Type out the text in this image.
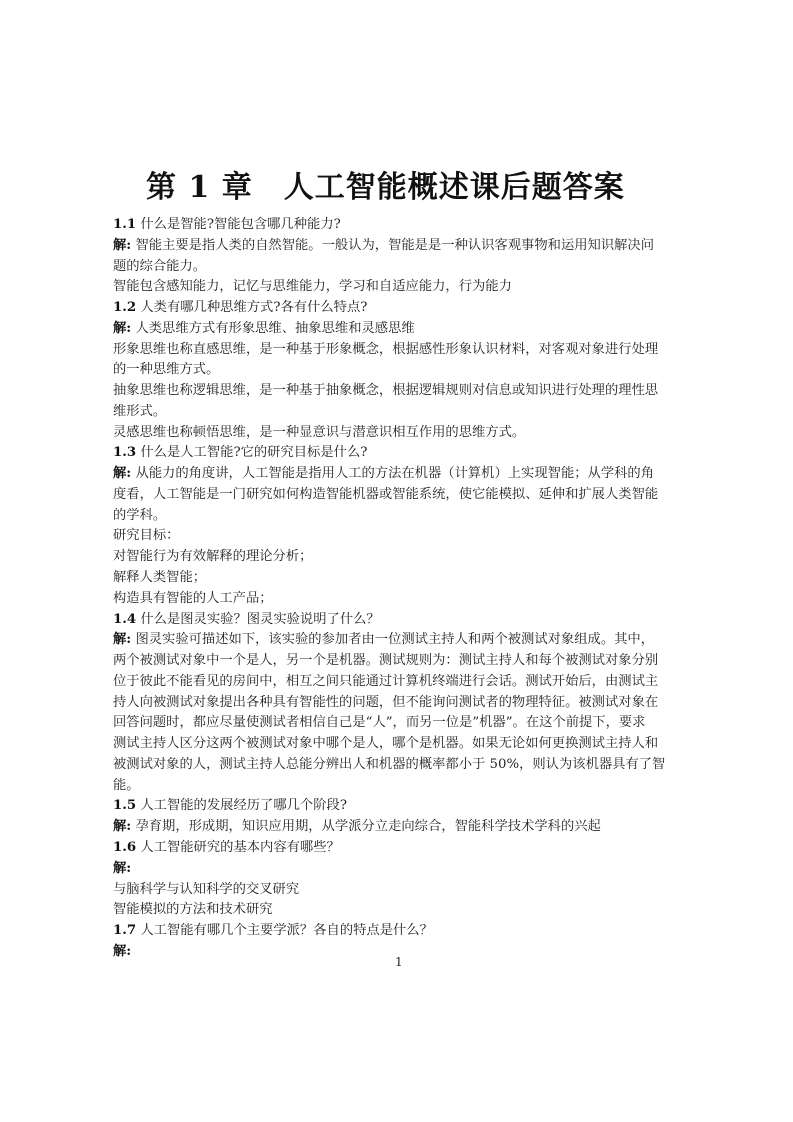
第 1 章　人工智能概述课后题答案
1.1 什么是智能?智能包含哪几种能力?
解: 智能主要是指人类的自然智能。一般认为，智能是是一种认识客观事物和运用知识解决问
题的综合能力。
智能包含感知能力，记忆与思维能力，学习和自适应能力，行为能力
1.2 人类有哪几种思维方式?各有什么特点?
解: 人类思维方式有形象思维、抽象思维和灵感思维
形象思维也称直感思维，是一种基于形象概念，根据感性形象认识材料，对客观对象进行处理
的一种思维方式。
抽象思维也称逻辑思维，是一种基于抽象概念，根据逻辑规则对信息或知识进行处理的理性思
维形式。
灵感思维也称顿悟思维，是一种显意识与潜意识相互作用的思维方式。
1.3 什么是人工智能?它的研究目标是什么?
解: 从能力的角度讲，人工智能是指用人工的方法在机器（计算机）上实现智能；从学科的角
度看，人工智能是一门研究如何构造智能机器或智能系统，使它能模拟、延伸和扩展人类智能
的学科。
研究目标：
对智能行为有效解释的理论分析；
解释人类智能；
构造具有智能的人工产品；
1.4 什么是图灵实验？图灵实验说明了什么？
解: 图灵实验可描述如下，该实验的参加者由一位测试主持人和两个被测试对象组成。其中，
两个被测试对象中一个是人，另一个是机器。测试规则为：测试主持人和每个被测试对象分别
位于彼此不能看见的房间中，相互之间只能通过计算机终端进行会话。测试开始后，由测试主
持人向被测试对象提出各种具有智能性的问题，但不能询问测试者的物理特征。被测试对象在
回答问题时，都应尽量使测试者相信自己是“人”，而另一位是”机器”。在这个前提下，要求
测试主持人区分这两个被测试对象中哪个是人，哪个是机器。如果无论如何更换测试主持人和
被测试对象的人，测试主持人总能分辨出人和机器的概率都小于 50%，则认为该机器具有了智
能。
1.5 人工智能的发展经历了哪几个阶段?
解: 孕育期，形成期，知识应用期，从学派分立走向综合，智能科学技术学科的兴起
1.6 人工智能研究的基本内容有哪些？
解:
与脑科学与认知科学的交叉研究
智能模拟的方法和技术研究
1.7 人工智能有哪几个主要学派？各自的特点是什么？
解:
1
